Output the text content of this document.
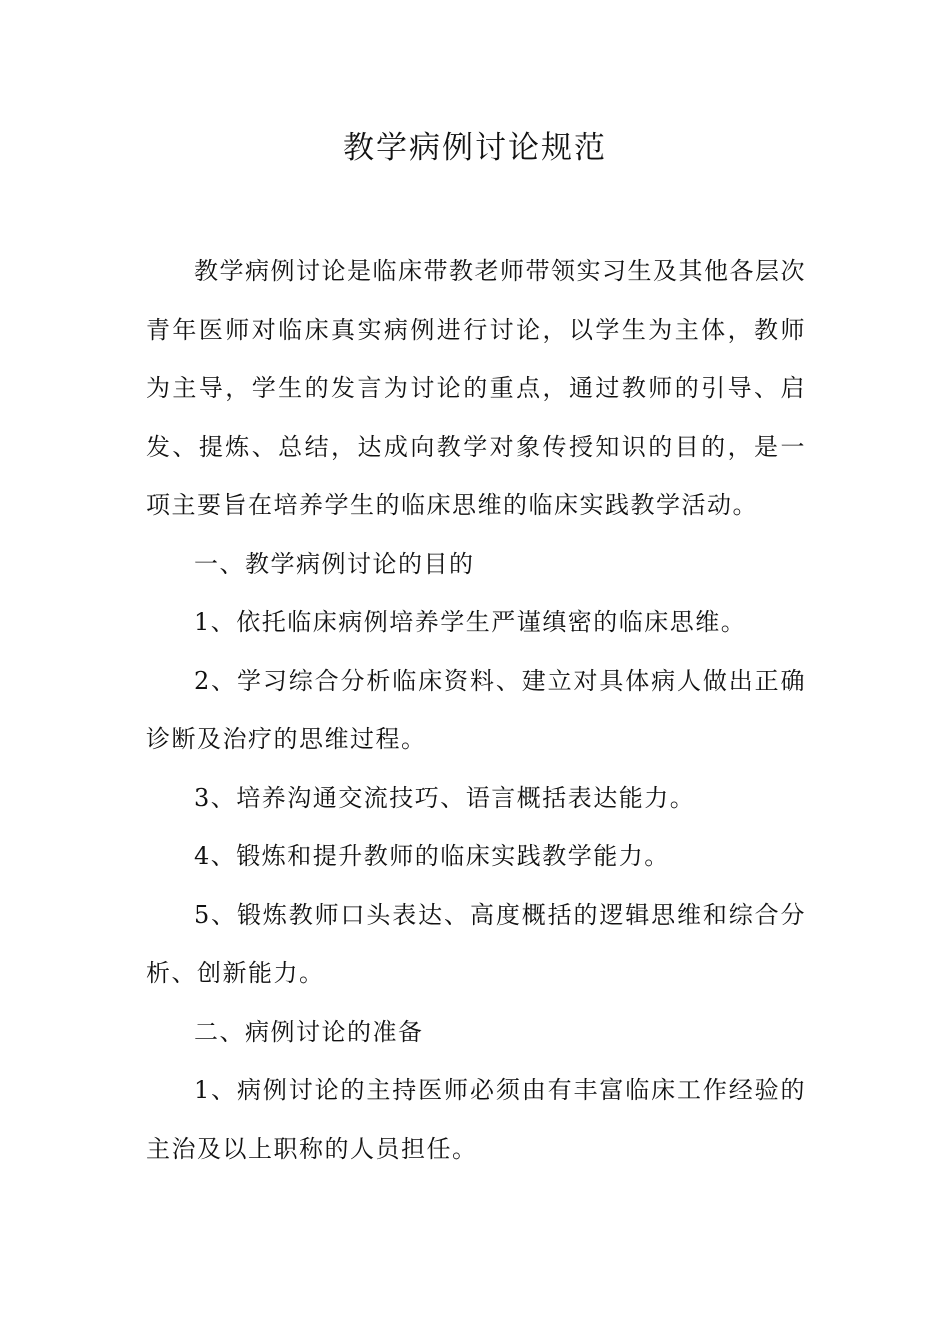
教学病例讨论规范

教学病例讨论是临床带教老师带领实习生及其他各层次青年医师对临床真实病例进行讨论，以学生为主体，教师为主导，学生的发言为讨论的重点，通过教师的引导、启发、提炼、总结，达成向教学对象传授知识的目的，是一项主要旨在培养学生的临床思维的临床实践教学活动。

一、教学病例讨论的目的

1、依托临床病例培养学生严谨缜密的临床思维。

2、学习综合分析临床资料、建立对具体病人做出正确诊断及治疗的思维过程。

3、培养沟通交流技巧、语言概括表达能力。

4、锻炼和提升教师的临床实践教学能力。

5、锻炼教师口头表达、高度概括的逻辑思维和综合分析、创新能力。

二、病例讨论的准备

1、病例讨论的主持医师必须由有丰富临床工作经验的主治及以上职称的人员担任。
